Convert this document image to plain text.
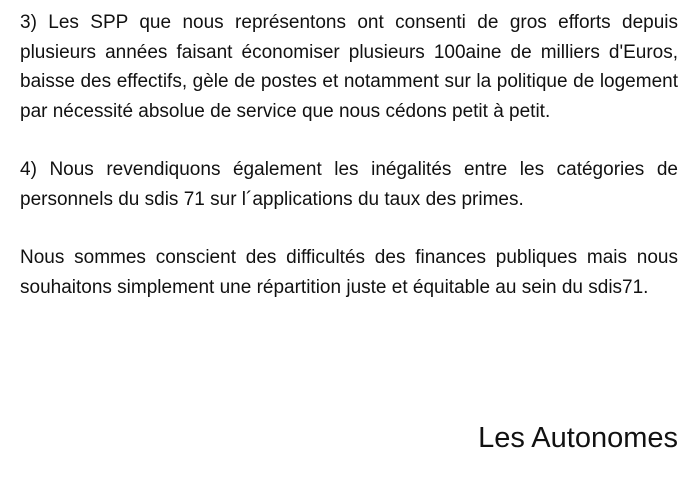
3) Les SPP que nous représentons ont consenti de gros efforts depuis plusieurs années faisant économiser plusieurs 100aine de milliers d'Euros, baisse des effectifs, gèle de postes et notamment sur la politique de logement par nécessité absolue de service que nous cédons petit à petit.

4) Nous revendiquons également les inégalités entre les catégories de personnels du sdis 71 sur l´applications du taux des primes.

Nous sommes conscient des difficultés des finances publiques mais nous souhaitons simplement une répartition juste et équitable au sein du sdis71.

Les Autonomes
